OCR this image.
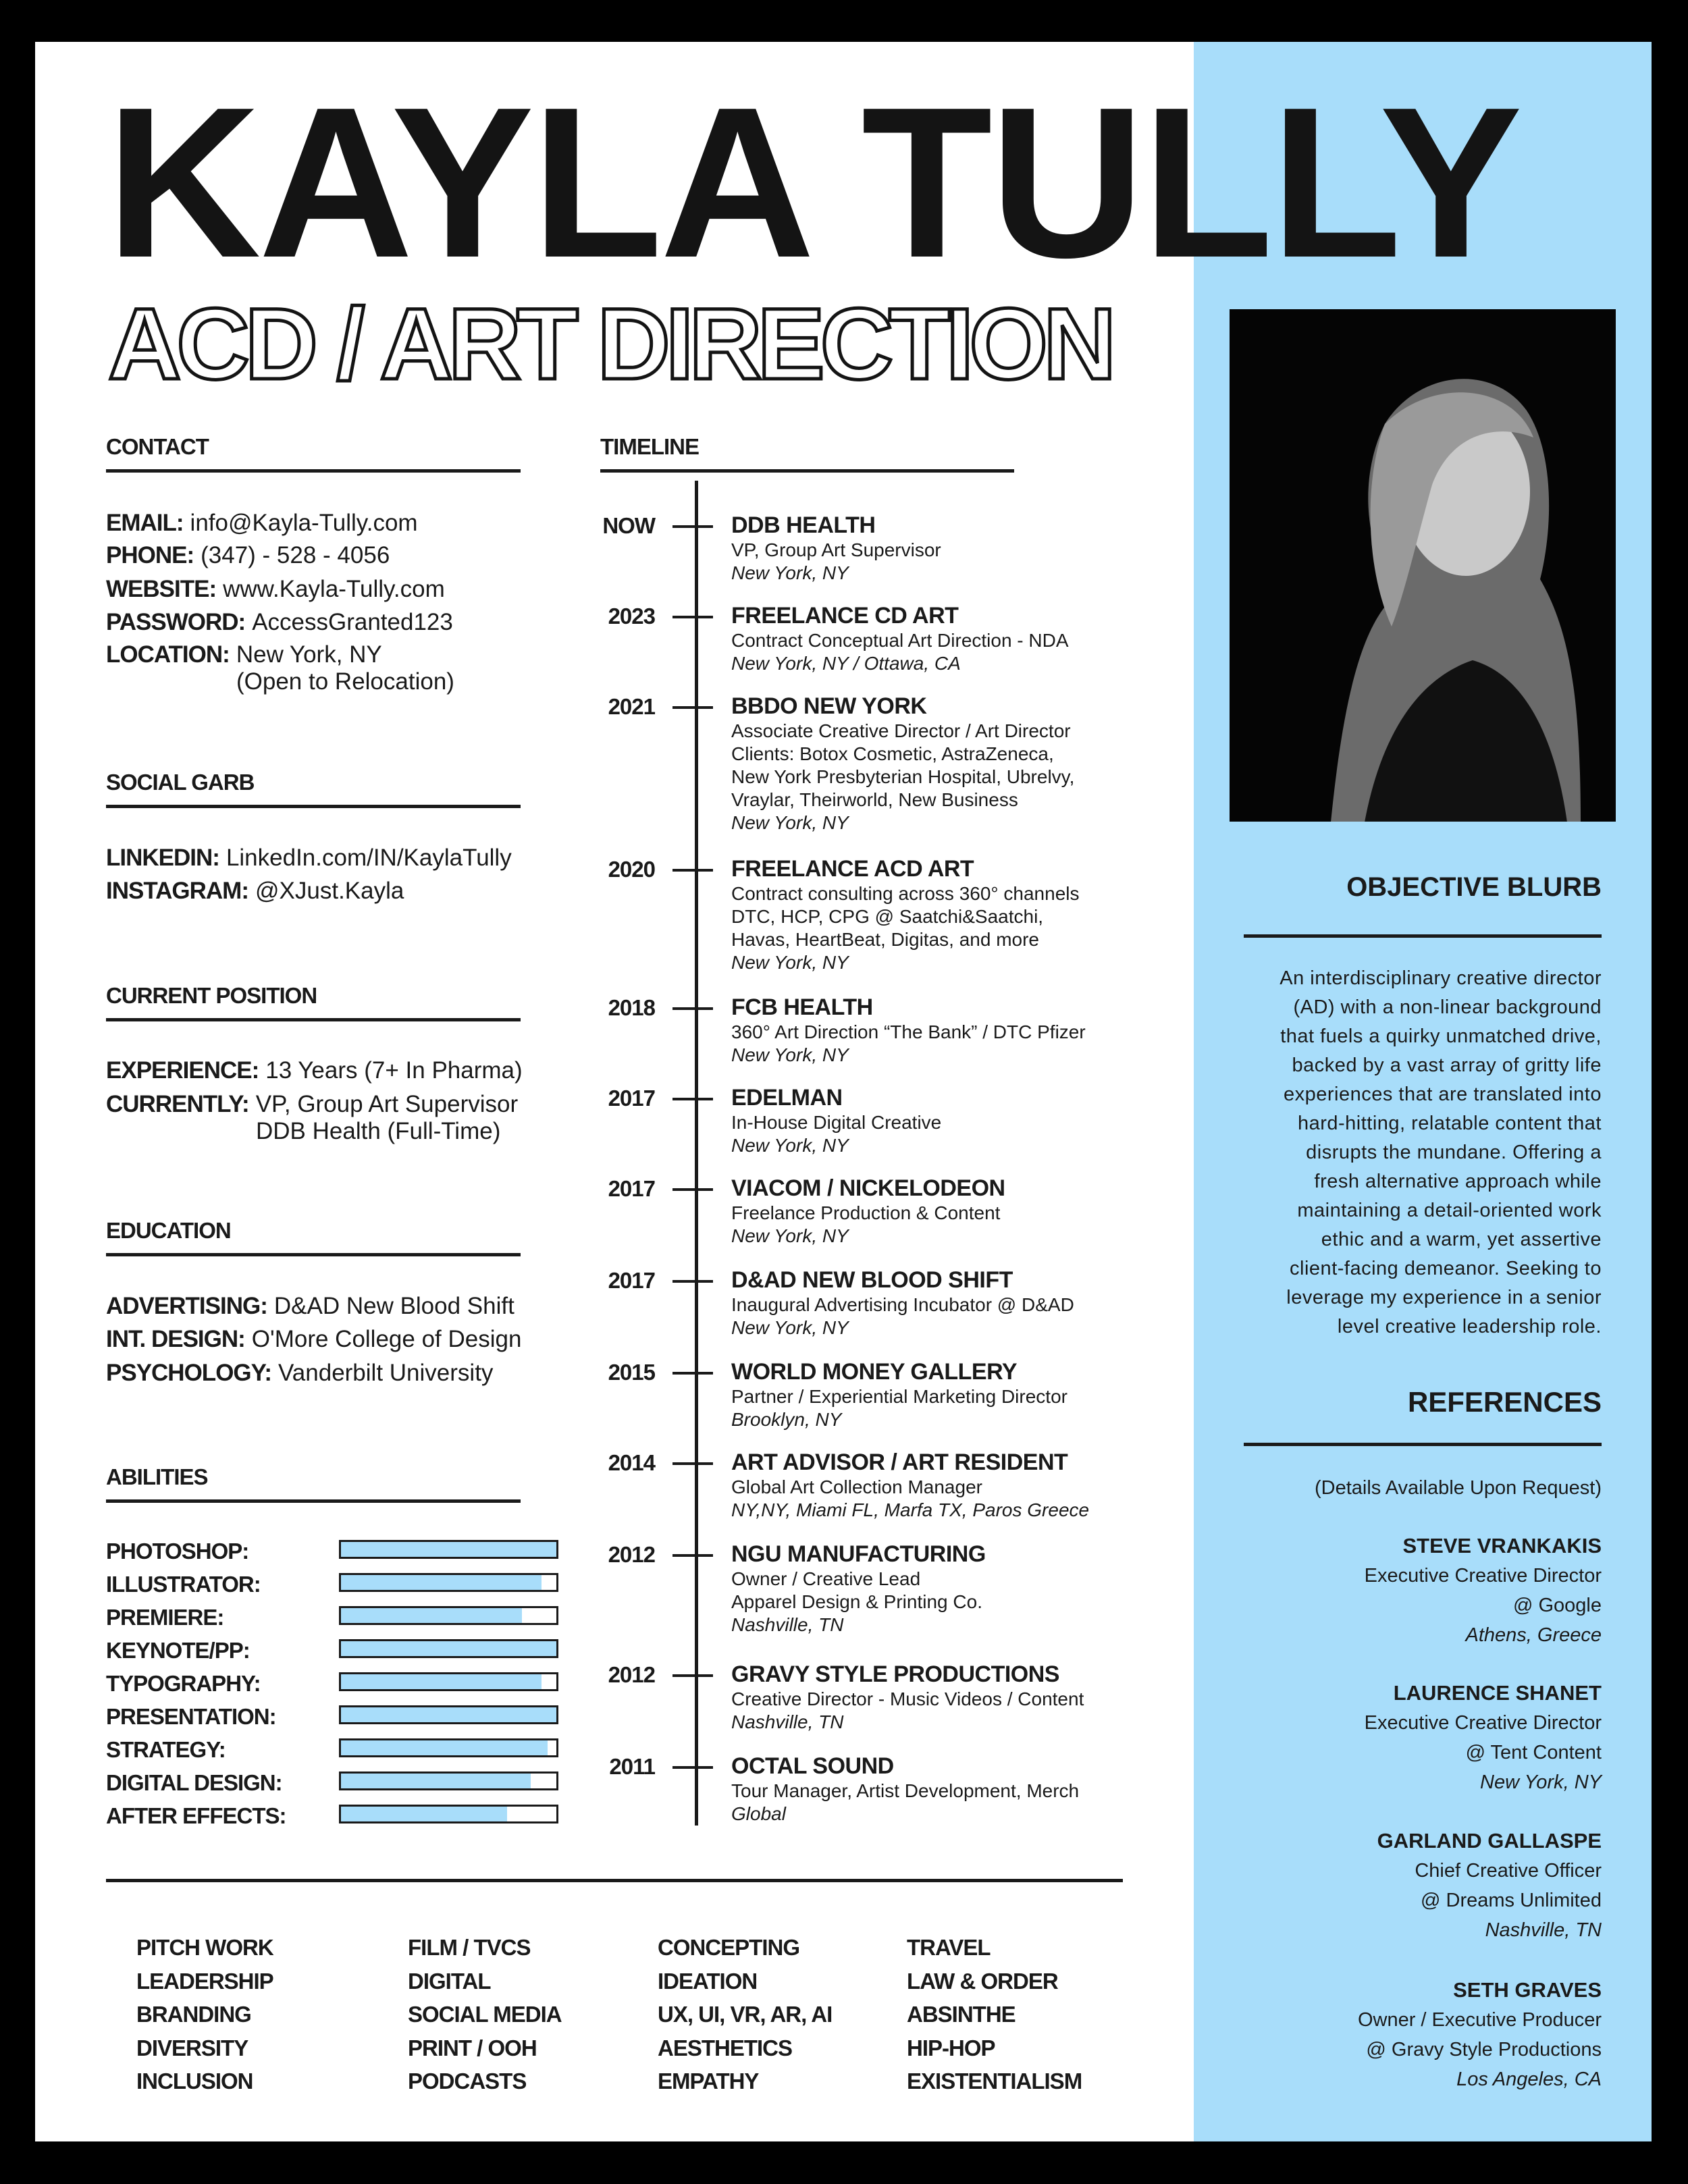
KAYLA TULLY
ACD / ART DIRECTION
CONTACT
EMAIL: info@Kayla-Tully.com
PHONE: (347) - 528 - 4056
WEBSITE: www.Kayla-Tully.com
PASSWORD: AccessGranted123
LOCATION: New York, NY
(Open to Relocation)
SOCIAL GARB
LINKEDIN: LinkedIn.com/IN/KaylaTully
INSTAGRAM: @XJust.Kayla
CURRENT POSITION
EXPERIENCE: 13 Years (7+ In Pharma)
CURRENTLY: VP, Group Art Supervisor
DDB Health (Full-Time)
EDUCATION
ADVERTISING: D&AD New Blood Shift
INT. DESIGN: O'More College of Design
PSYCHOLOGY: Vanderbilt University
ABILITIES
PHOTOSHOP:
ILLUSTRATOR:
PREMIERE:
KEYNOTE/PP:
TYPOGRAPHY:
PRESENTATION:
STRATEGY:
DIGITAL DESIGN:
AFTER EFFECTS:
TIMELINE
NOW	DDB HEALTH
VP, Group Art Supervisor
New York, NY
2023	FREELANCE CD ART
Contract Conceptual Art Direction - NDA
New York, NY / Ottawa, CA
2021	BBDO NEW YORK
Associate Creative Director / Art Director
Clients: Botox Cosmetic, AstraZeneca,
New York Presbyterian Hospital, Ubrelvy,
Vraylar, Theirworld, New Business
New York, NY
2020	FREELANCE ACD ART
Contract consulting across 360° channels
DTC, HCP, CPG @ Saatchi&Saatchi,
Havas, HeartBeat, Digitas, and more
New York, NY
2018	FCB HEALTH
360° Art Direction “The Bank” / DTC Pfizer
New York, NY
2017	EDELMAN
In-House Digital Creative
New York, NY
2017	VIACOM / NICKELODEON
Freelance Production & Content
New York, NY
2017	D&AD NEW BLOOD SHIFT
Inaugural Advertising Incubator @ D&AD
New York, NY
2015	WORLD MONEY GALLERY
Partner / Experiential Marketing Director
Brooklyn, NY
2014	ART ADVISOR / ART RESIDENT
Global Art Collection Manager
NY,NY, Miami FL, Marfa TX, Paros Greece
2012	NGU MANUFACTURING
Owner / Creative Lead
Apparel Design & Printing Co.
Nashville, TN
2012	GRAVY STYLE PRODUCTIONS
Creative Director - Music Videos / Content
Nashville, TN
2011	OCTAL SOUND
Tour Manager, Artist Development, Merch
Global
PITCH WORK
LEADERSHIP
BRANDING
DIVERSITY
INCLUSION
FILM / TVCS
DIGITAL
SOCIAL MEDIA
PRINT / OOH
PODCASTS
CONCEPTING
IDEATION
UX, UI, VR, AR, AI
AESTHETICS
EMPATHY
TRAVEL
LAW & ORDER
ABSINTHE
HIP-HOP
EXISTENTIALISM
OBJECTIVE BLURB
An interdisciplinary creative director
(AD) with a non-linear background
that fuels a quirky unmatched drive,
backed by a vast array of gritty life
experiences that are translated into
hard-hitting, relatable content that
disrupts the mundane. Offering a
fresh alternative approach while
maintaining a detail-oriented work
ethic and a warm, yet assertive
client-facing demeanor. Seeking to
leverage my experience in a senior
level creative leadership role.
REFERENCES
(Details Available Upon Request)
STEVE VRANKAKIS
Executive Creative Director
@ Google
Athens, Greece
LAURENCE SHANET
Executive Creative Director
@ Tent Content
New York, NY
GARLAND GALLASPE
Chief Creative Officer
@ Dreams Unlimited
Nashville, TN
SETH GRAVES
Owner / Executive Producer
@ Gravy Style Productions
Los Angeles, CA
